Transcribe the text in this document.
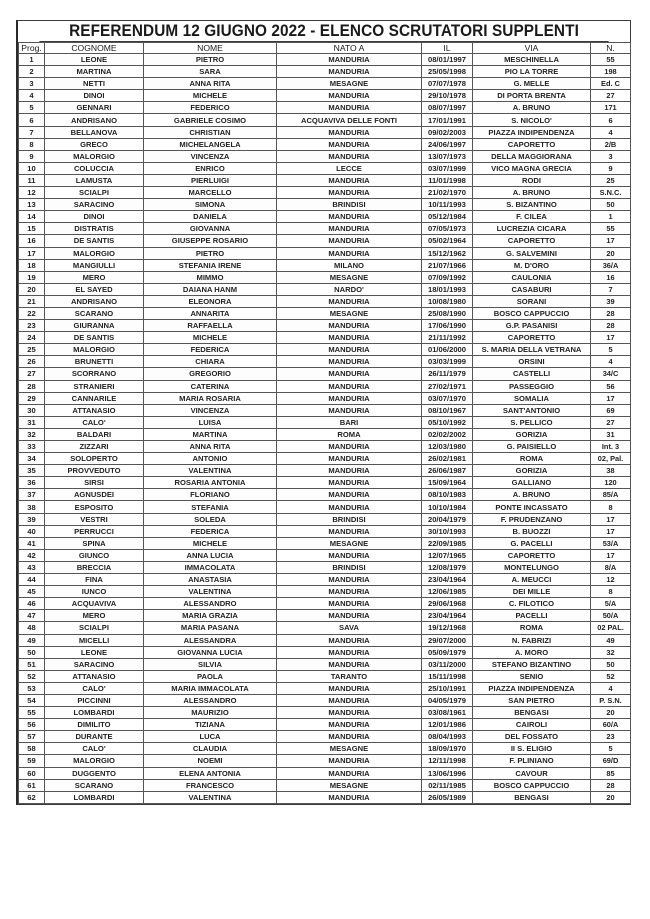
REFERENDUM 12 GIUGNO 2022 - ELENCO SCRUTATORI SUPPLENTI
Prog.	COGNOME	NOME	NATO A	IL	VIA	N.
1	LEONE	PIETRO	MANDURIA	08/01/1997	MESCHINELLA	55
2	MARTINA	SARA	MANDURIA	25/05/1998	PIO LA TORRE	198
3	NETTI	ANNA RITA	MESAGNE	07/07/1978	G. MELLE	Ed. C
4	DINOI	MICHELE	MANDURIA	29/10/1978	DI PORTA BRENTA	27
5	GENNARI	FEDERICO	MANDURIA	08/07/1997	A. BRUNO	171
6	ANDRISANO	GABRIELE COSIMO	ACQUAVIVA DELLE FONTI	17/01/1991	S. NICOLO'	6
7	BELLANOVA	CHRISTIAN	MANDURIA	09/02/2003	PIAZZA INDIPENDENZA	4
8	GRECO	MICHELANGELA	MANDURIA	24/06/1997	CAPORETTO	2/B
9	MALORGIO	VINCENZA	MANDURIA	13/07/1973	DELLA MAGGIORANA	3
10	COLUCCIA	ENRICO	LECCE	03/07/1999	VICO MAGNA GRECIA	9
11	LAMUSTA	PIERLUIGI	MANDURIA	11/01/1998	RODI	25
12	SCIALPI	MARCELLO	MANDURIA	21/02/1970	A. BRUNO	S.N.C.
13	SARACINO	SIMONA	BRINDISI	10/11/1993	S. BIZANTINO	50
14	DINOI	DANIELA	MANDURIA	05/12/1984	F. CILEA	1
15	DISTRATIS	GIOVANNA	MANDURIA	07/05/1973	LUCREZIA CICARA	55
16	DE SANTIS	GIUSEPPE ROSARIO	MANDURIA	05/02/1964	CAPORETTO	17
17	MALORGIO	PIETRO	MANDURIA	15/12/1962	G. SALVEMINI	20
18	MANGIULLI	STEFANIA IRENE	MILANO	21/07/1966	M. D'ORO	36/A
19	MERO	MIMMO	MESAGNE	07/09/1992	CAULONIA	16
20	EL SAYED	DAIANA HANM	NARDO'	18/01/1993	CASABURI	7
21	ANDRISANO	ELEONORA	MANDURIA	10/08/1980	SORANI	39
22	SCARANO	ANNARITA	MESAGNE	25/08/1990	BOSCO CAPPUCCIO	28
23	GIURANNA	RAFFAELLA	MANDURIA	17/06/1990	G.P. PASANISI	28
24	DE SANTIS	MICHELE	MANDURIA	21/11/1992	CAPORETTO	17
25	MALORGIO	FEDERICA	MANDURIA	01/06/2000	S. MARIA DELLA VETRANA	5
26	BRUNETTI	CHIARA	MANDURIA	03/03/1999	ORSINI	4
27	SCORRANO	GREGORIO	MANDURIA	26/11/1979	CASTELLI	34/C
28	STRANIERI	CATERINA	MANDURIA	27/02/1971	PASSEGGIO	56
29	CANNARILE	MARIA ROSARIA	MANDURIA	03/07/1970	SOMALIA	17
30	ATTANASIO	VINCENZA	MANDURIA	08/10/1967	SANT'ANTONIO	69
31	CALO'	LUISA	BARI	05/10/1992	S. PELLICO	27
32	BALDARI	MARTINA	ROMA	02/02/2002	GORIZIA	31
33	ZIZZARI	ANNA RITA	MANDURIA	12/03/1980	G. PAISIELLO	Int. 3
34	SOLOPERTO	ANTONIO	MANDURIA	26/02/1981	ROMA	02, Pal.
35	PROVVEDUTO	VALENTINA	MANDURIA	26/06/1987	GORIZIA	38
36	SIRSI	ROSARIA ANTONIA	MANDURIA	15/09/1964	GALLIANO	120
37	AGNUSDEI	FLORIANO	MANDURIA	08/10/1983	A. BRUNO	85/A
38	ESPOSITO	STEFANIA	MANDURIA	10/10/1984	PONTE INCASSATO	8
39	VESTRI	SOLEDA	BRINDISI	20/04/1979	F. PRUDENZANO	17
40	PERRUCCI	FEDERICA	MANDURIA	30/10/1993	B. BUOZZI	17
41	SPINA	MICHELE	MESAGNE	22/09/1985	G. PACELLI	53/A
42	GIUNCO	ANNA LUCIA	MANDURIA	12/07/1965	CAPORETTO	17
43	BRECCIA	IMMACOLATA	BRINDISI	12/08/1979	MONTELUNGO	8/A
44	FINA	ANASTASIA	MANDURIA	23/04/1964	A. MEUCCI	12
45	IUNCO	VALENTINA	MANDURIA	12/06/1985	DEI MILLE	8
46	ACQUAVIVA	ALESSANDRO	MANDURIA	29/06/1968	C. FILOTICO	5/A
47	MERO	MARIA GRAZIA	MANDURIA	23/04/1964	PACELLI	50/A
48	SCIALPI	MARIA PASANA	SAVA	19/12/1968	ROMA	02 PAL.
49	MICELLI	ALESSANDRA	MANDURIA	29/07/2000	N. FABRIZI	49
50	LEONE	GIOVANNA LUCIA	MANDURIA	05/09/1979	A. MORO	32
51	SARACINO	SILVIA	MANDURIA	03/11/2000	STEFANO BIZANTINO	50
52	ATTANASIO	PAOLA	TARANTO	15/11/1998	SENIO	52
53	CALO'	MARIA IMMACOLATA	MANDURIA	25/10/1991	PIAZZA INDIPENDENZA	4
54	PICCINNI	ALESSANDRO	MANDURIA	04/05/1979	SAN PIETRO	P. S.N.
55	LOMBARDI	MAURIZIO	MANDURIA	03/08/1961	BENGASI	20
56	DIMILITO	TIZIANA	MANDURIA	12/01/1986	CAIROLI	60/A
57	DURANTE	LUCA	MANDURIA	08/04/1993	DEL FOSSATO	23
58	CALO'	CLAUDIA	MESAGNE	18/09/1970	II S. ELIGIO	5
59	MALORGIO	NOEMI	MANDURIA	12/11/1998	F. PLINIANO	69/D
60	DUGGENTO	ELENA ANTONIA	MANDURIA	13/06/1996	CAVOUR	85
61	SCARANO	FRANCESCO	MESAGNE	02/11/1985	BOSCO CAPPUCCIO	28
62	LOMBARDI	VALENTINA	MANDURIA	26/05/1989	BENGASI	20
